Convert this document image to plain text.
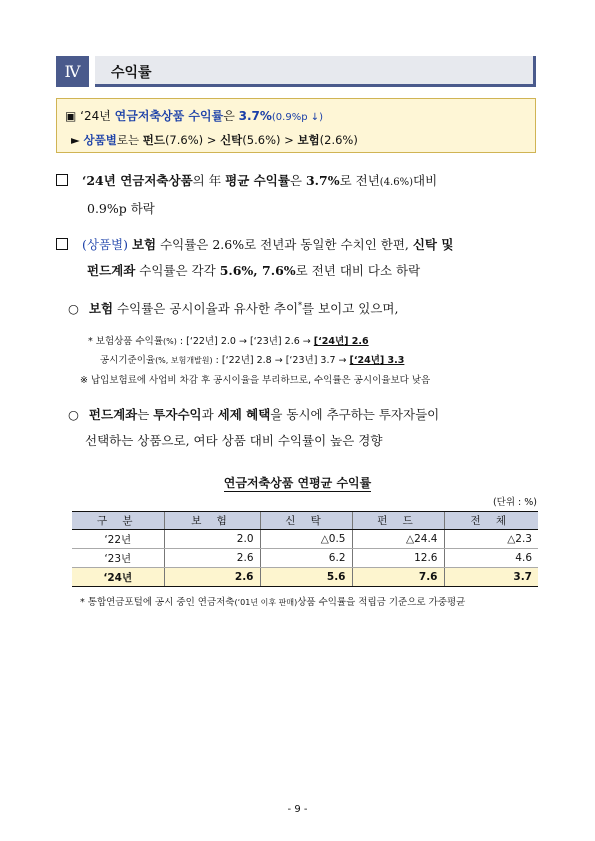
Ⅳ	수익률
▣ ‘24년 연금저축상품 수익률은 3.7%(0.9%p ↓)
► 상품별로는 펀드(7.6%) > 신탁(5.6%) > 보험(2.6%)
‘24년 연금저축상품의 年 평균 수익률은 3.7%로 전년(4.6%)대비
0.9%p 하락
(상품별) 보험 수익률은 2.6%로 전년과 동일한 수치인 한편, 신탁 및
펀드계좌 수익률은 각각 5.6%, 7.6%로 전년 대비 다소 하락
○ 보험 수익률은 공시이율과 유사한 추이*를 보이고 있으며,
* 보험상품 수익률(%) : [‘22년] 2.0 → [‘23년] 2.6 → [‘24년] 2.6
공시기준이율(%, 보험개발원) : [‘22년] 2.8 → [‘23년] 3.7 → [‘24년] 3.3
※ 납입보험료에 사업비 차감 후 공시이율을 부리하므로, 수익률은 공시이율보다 낮음
○ 펀드계좌는 투자수익과 세제 혜택을 동시에 추구하는 투자자들이
선택하는 상품으로, 여타 상품 대비 수익률이 높은 경향
연금저축상품 연평균 수익률
(단위 : %)
구 분	보 험	신 탁	펀 드	전 체
‘22년	2.0	△0.5	△24.4	△2.3
‘23년	2.6	6.2	12.6	4.6
‘24년	2.6	5.6	7.6	3.7
* 통합연금포털에 공시 중인 연금저축(‘01년 이후 판매)상품 수익률을 적립금 기준으로 가중평균
- 9 -
